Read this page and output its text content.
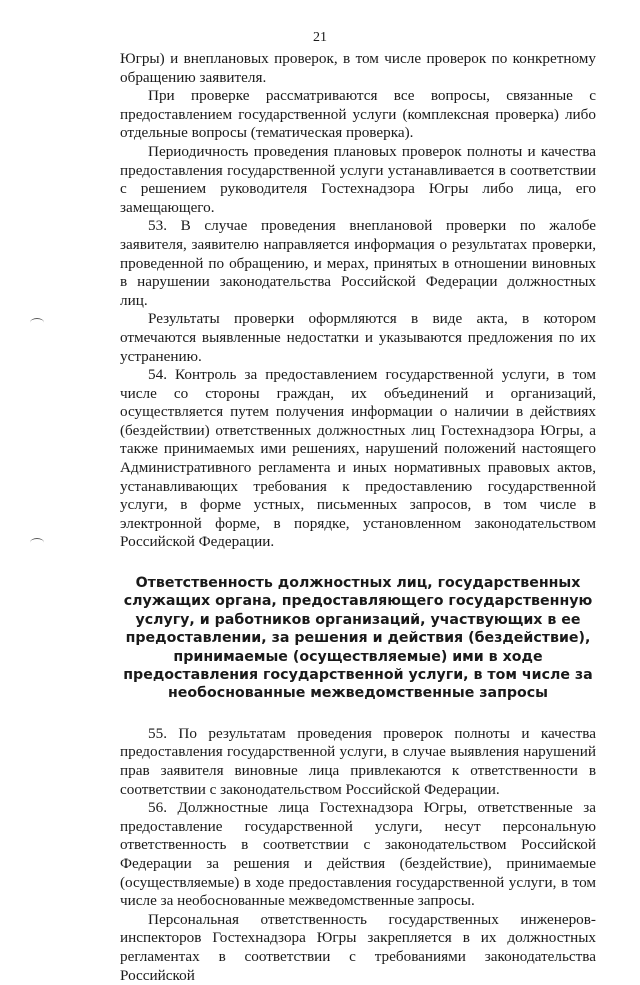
21

Югры) и внеплановых проверок, в том числе проверок по конкретному обращению заявителя.

При проверке рассматриваются все вопросы, связанные с предоставлением государственной услуги (комплексная проверка) либо отдельные вопросы (тематическая проверка).

Периодичность проведения плановых проверок полноты и качества предоставления государственной услуги устанавливается в соответствии с решением руководителя Гостехнадзора Югры либо лица, его замещающего.

53. В случае проведения внеплановой проверки по жалобе заявителя, заявителю направляется информация о результатах проверки, проведенной по обращению, и мерах, принятых в отношении виновных в нарушении законодательства Российской Федерации должностных лиц.

Результаты проверки оформляются в виде акта, в котором отмечаются выявленные недостатки и указываются предложения по их устранению.

54. Контроль за предоставлением государственной услуги, в том числе со стороны граждан, их объединений и организаций, осуществляется путем получения информации о наличии в действиях (бездействии) ответственных должностных лиц Гостехнадзора Югры, а также принимаемых ими решениях, нарушений положений настоящего Административного регламента и иных нормативных правовых актов, устанавливающих требования к предоставлению государственной услуги, в форме устных, письменных запросов, в том числе в электронной форме, в порядке, установленном законодательством Российской Федерации.

Ответственность должностных лиц, государственных служащих органа, предоставляющего государственную услугу, и работников организаций, участвующих в ее предоставлении, за решения и действия (бездействие), принимаемые (осуществляемые) ими в ходе предоставления государственной услуги, в том числе за необоснованные межведомственные запросы

55. По результатам проведения проверок полноты и качества предоставления государственной услуги, в случае выявления нарушений прав заявителя виновные лица привлекаются к ответственности в соответствии с законодательством Российской Федерации.

56. Должностные лица Гостехнадзора Югры, ответственные за предоставление государственной услуги, несут персональную ответственность в соответствии с законодательством Российской Федерации за решения и действия (бездействие), принимаемые (осуществляемые) в ходе предоставления государственной услуги, в том числе за необоснованные межведомственные запросы.

Персональная ответственность государственных инженеров-инспекторов Гостехнадзора Югры закрепляется в их должностных регламентах в соответствии с требованиями законодательства Российской
